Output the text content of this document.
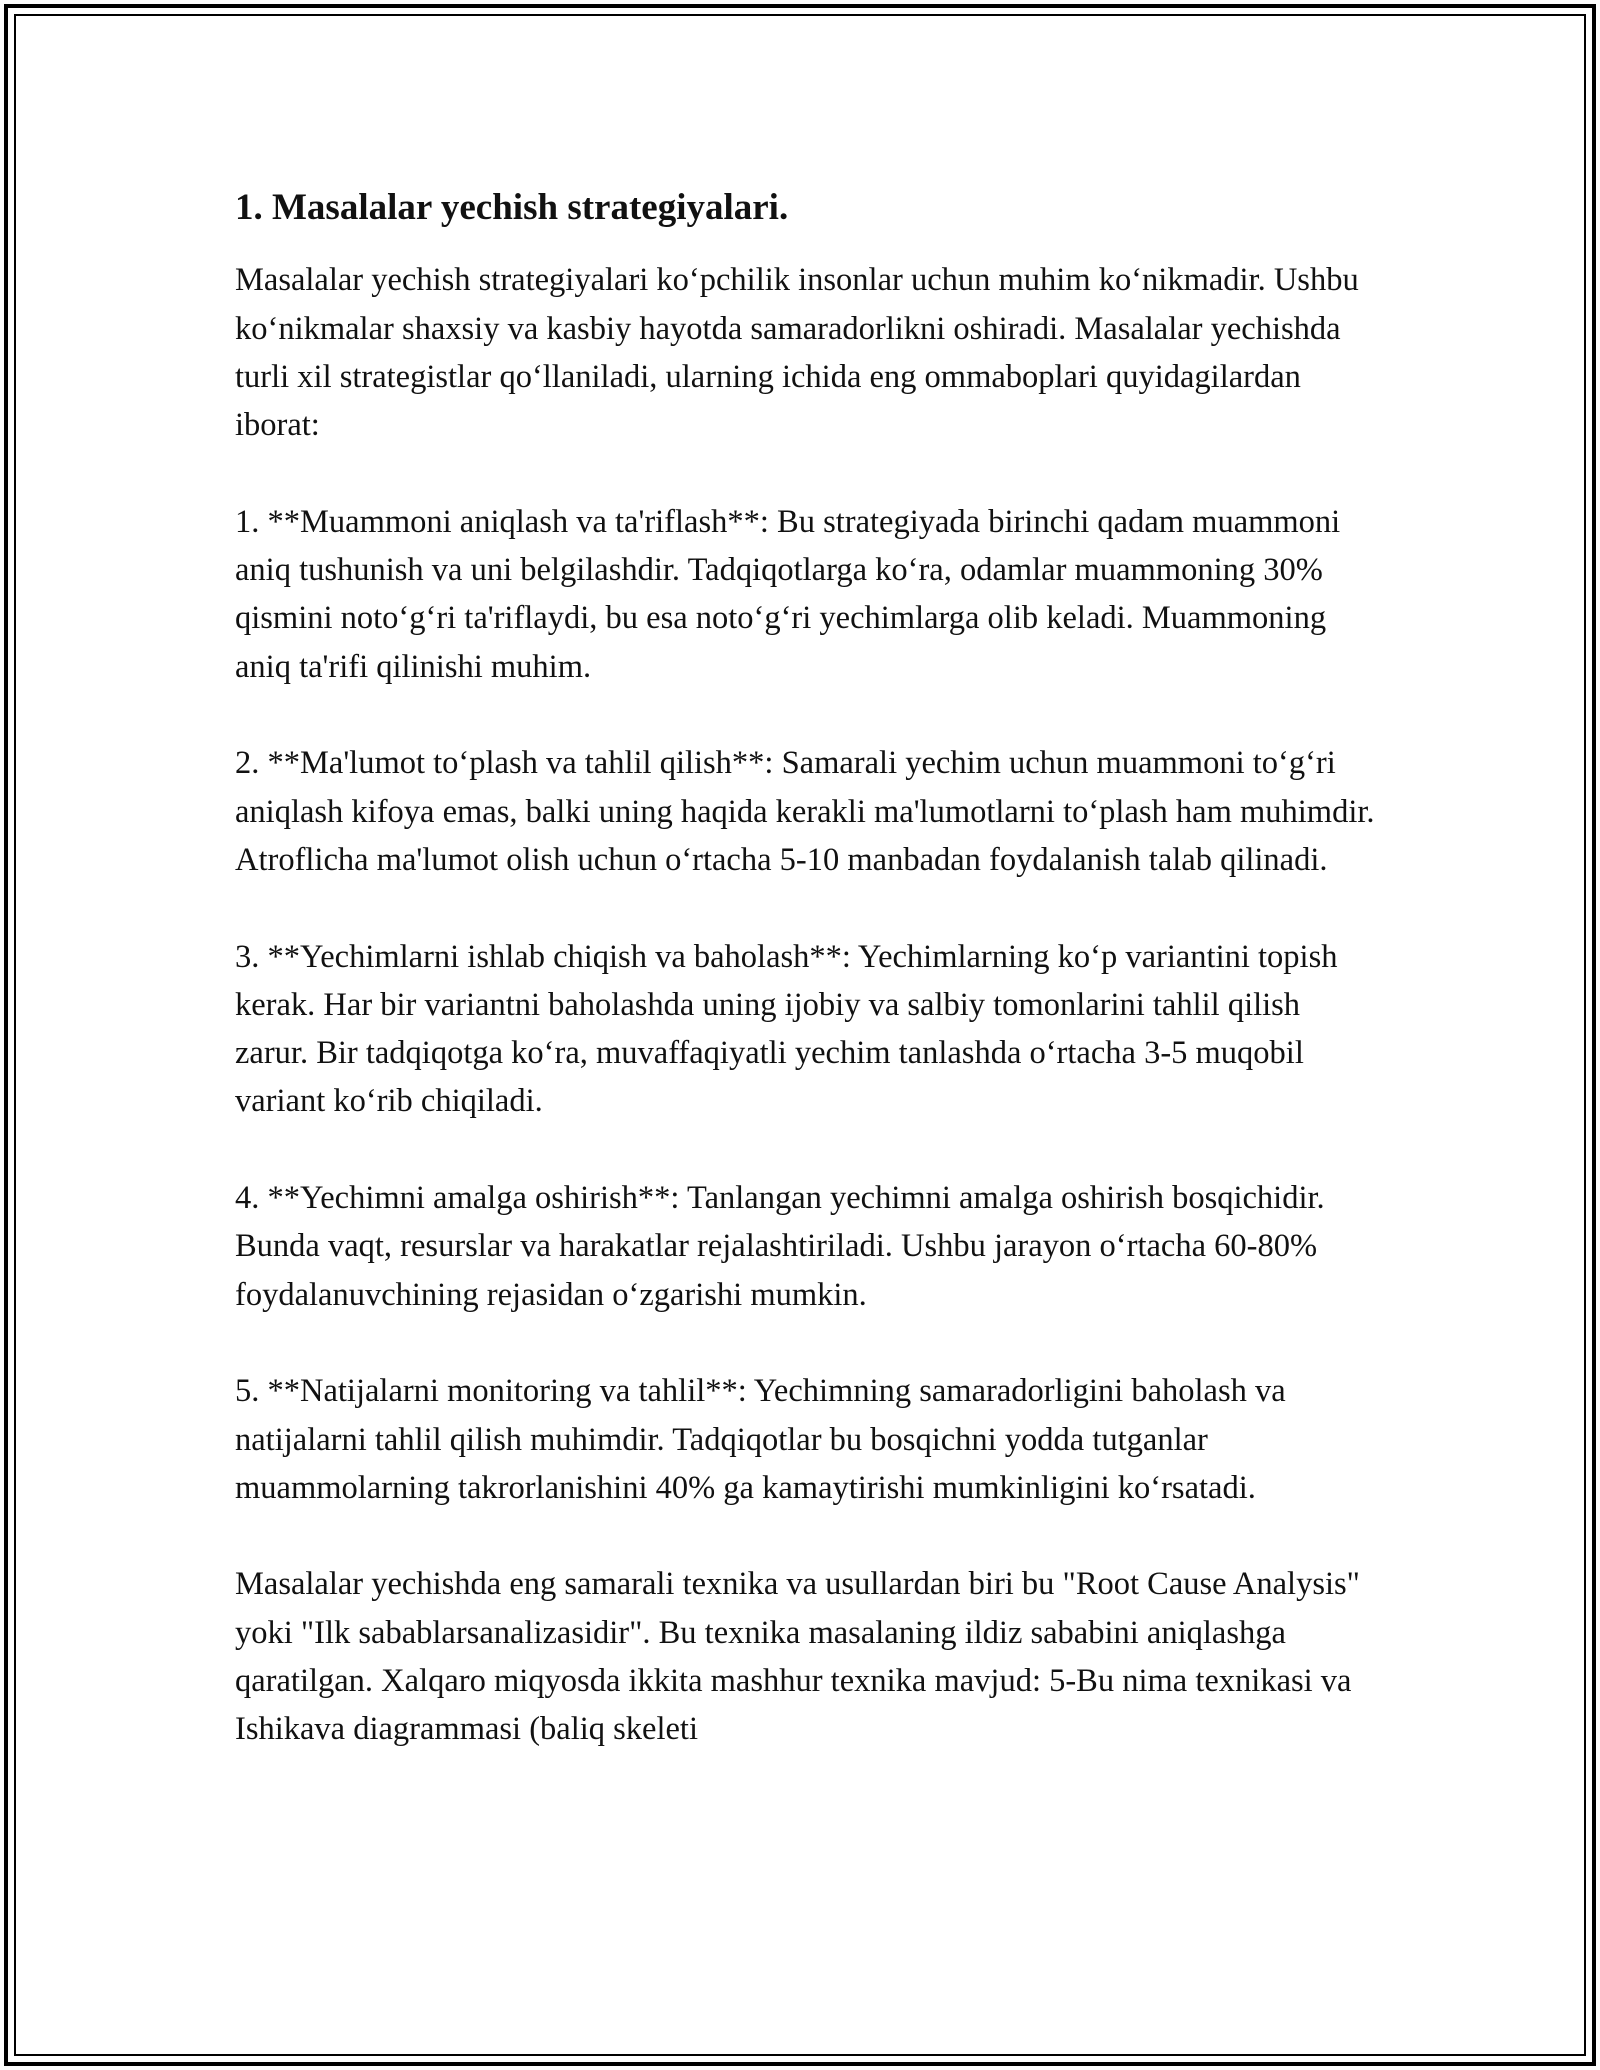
1. Masalalar yechish strategiyalari.

Masalalar yechish strategiyalari koʻpchilik insonlar uchun muhim koʻnikmadir. Ushbu koʻnikmalar shaxsiy va kasbiy hayotda samaradorlikni oshiradi. Masalalar yechishda turli xil strategistlar qoʻllaniladi, ularning ichida eng ommaboplari quyidagilardan iborat:

1. **Muammoni aniqlash va ta'riflash**: Bu strategiyada birinchi qadam muammoni aniq tushunish va uni belgilashdir. Tadqiqotlarga koʻra, odamlar muammoning 30% qismini notoʻgʻri ta'riflaydi, bu esa notoʻgʻri yechimlarga olib keladi. Muammoning aniq ta'rifi qilinishi muhim.

2. **Ma'lumot toʻplash va tahlil qilish**: Samarali yechim uchun muammoni toʻgʻri aniqlash kifoya emas, balki uning haqida kerakli ma'lumotlarni toʻplash ham muhimdir. Atroflicha ma'lumot olish uchun oʻrtacha 5-10 manbadan foydalanish talab qilinadi.

3. **Yechimlarni ishlab chiqish va baholash**: Yechimlarning koʻp variantini topish kerak. Har bir variantni baholashda uning ijobiy va salbiy tomonlarini tahlil qilish zarur. Bir tadqiqotga koʻra, muvaffaqiyatli yechim tanlashda oʻrtacha 3-5 muqobil variant koʻrib chiqiladi.

4. **Yechimni amalga oshirish**: Tanlangan yechimni amalga oshirish bosqichidir. Bunda vaqt, resurslar va harakatlar rejalashtiriladi. Ushbu jarayon oʻrtacha 60-80% foydalanuvchining rejasidan oʻzgarishi mumkin.

5. **Natijalarni monitoring va tahlil**: Yechimning samaradorligini baholash va natijalarni tahlil qilish muhimdir. Tadqiqotlar bu bosqichni yodda tutganlar muammolarning takrorlanishini 40% ga kamaytirishi mumkinligini koʻrsatadi.

Masalalar yechishda eng samarali texnika va usullardan biri bu "Root Cause Analysis" yoki "Ilk sabablarsanalizasidir". Bu texnika masalaning ildiz sababini aniqlashga qaratilgan. Xalqaro miqyosda ikkita mashhur texnika mavjud: 5-Bu nima texnikasi va Ishikava diagrammasi (baliq skeleti
